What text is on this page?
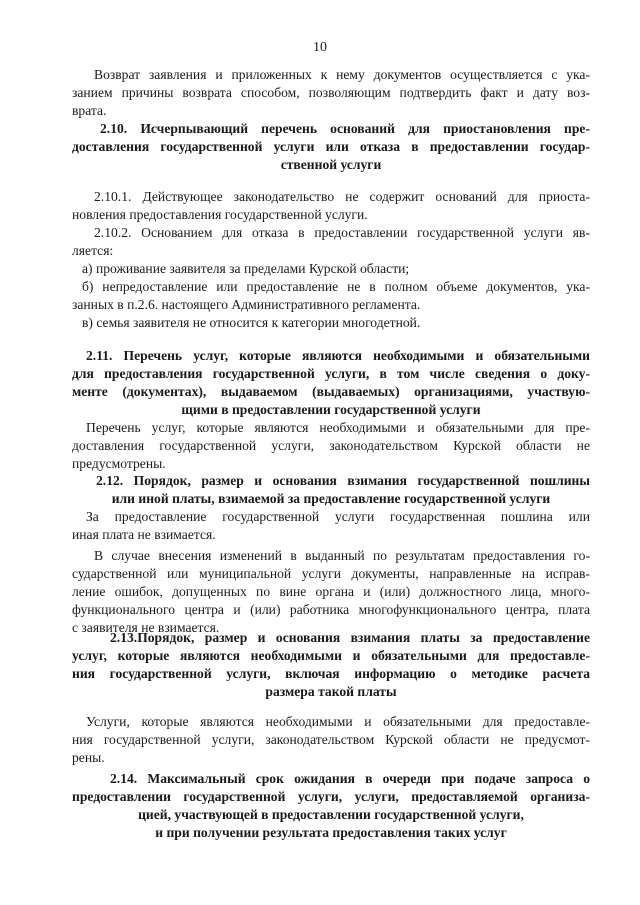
10
Возврат заявления и приложенных к нему документов осуществляется с ука-
занием причины возврата способом, позволяющим подтвердить факт и дату воз-
врата.
2.10. Исчерпывающий перечень оснований для приостановления пре-
доставления государственной услуги или отказа в предоставлении государ-
ственной услуги
2.10.1. Действующее законодательство не содержит оснований для приоста-
новления предоставления государственной услуги.
2.10.2. Основанием для отказа в предоставлении государственной услуги яв-
ляется:
а) проживание заявителя за пределами Курской области;
б) непредоставление или предоставление не в полном объеме документов, ука-
занных в п.2.6. настоящего Административного регламента.
в) семья заявителя не относится к категории многодетной.
2.11. Перечень услуг, которые являются необходимыми и обязательными
для предоставления государственной услуги, в том числе сведения о доку-
менте (документах), выдаваемом (выдаваемых) организациями, участвую-
щими в предоставлении государственной услуги
Перечень услуг, которые являются необходимыми и обязательными для пре-
доставления государственной услуги, законодательством Курской области не
предусмотрены.
2.12. Порядок, размер и основания взимания государственной пошлины
или иной платы, взимаемой за предоставление государственной услуги
За предоставление государственной услуги государственная пошлина или
иная плата не взимается.
В случае внесения изменений в выданный по результатам предоставления го-
сударственной или муниципальной услуги документы, направленные на исправ-
ление ошибок, допущенных по вине органа и (или) должностного лица, много-
функционального центра и (или) работника многофункционального центра, плата
с заявителя не взимается.
2.13.Порядок, размер и основания взимания платы за предоставление
услуг, которые являются необходимыми и обязательными для предоставле-
ния государственной услуги, включая информацию о методике расчета
размера такой платы
Услуги, которые являются необходимыми и обязательными для предоставле-
ния государственной услуги, законодательством Курской области не предусмот-
рены.
2.14. Максимальный срок ожидания в очереди при подаче запроса о
предоставлении государственной услуги, услуги, предоставляемой организа-
цией, участвующей в предоставлении государственной услуги,
и при получении результата предоставления таких услуг
